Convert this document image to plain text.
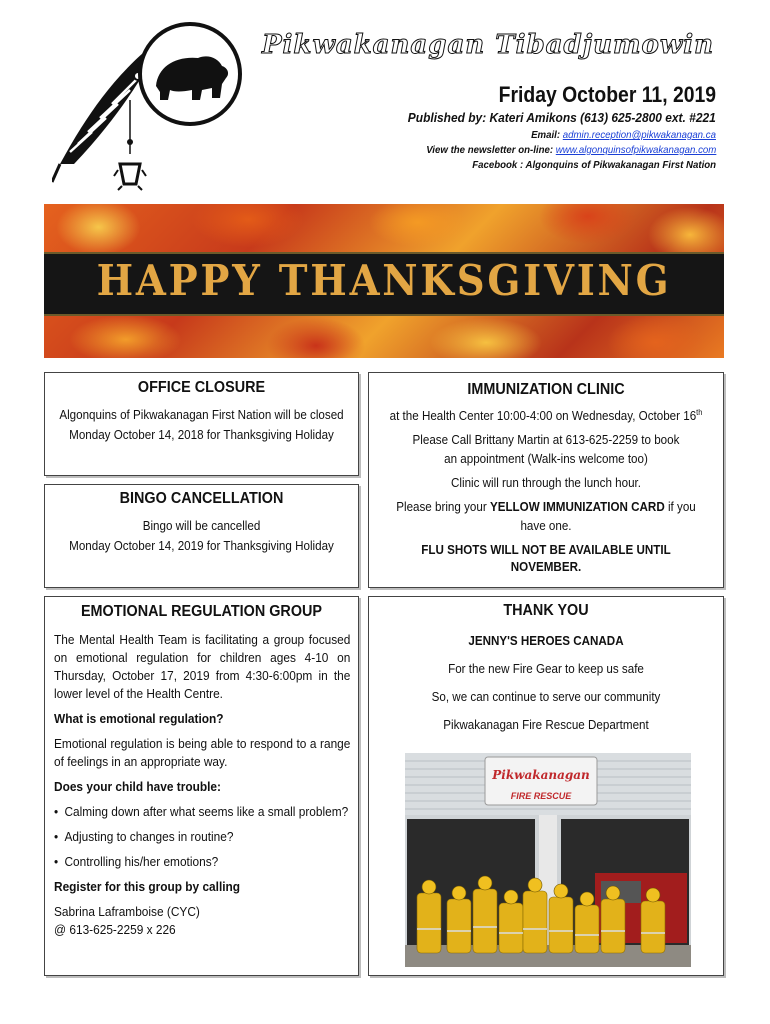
Pikwakanagan Tibadjumowin
Friday October 11, 2019
Published by: Kateri Amikons (613) 625-2800 ext. #221
Email: admin.reception@pikwakanagan.ca
View the newsletter on-line: www.algonquinsofpikwakanagan.com
Facebook : Algonquins of Pikwakanagan First Nation
HAPPY THANKSGIVING
OFFICE CLOSURE
Algonquins of Pikwakanagan First Nation will be closed
Monday October 14, 2018 for Thanksgiving Holiday
BINGO CANCELLATION
Bingo will be cancelled
Monday October 14, 2019 for Thanksgiving Holiday
IMMUNIZATION CLINIC
at the Health Center 10:00-4:00 on Wednesday, October 16th
Please Call Brittany Martin at 613-625-2259 to book an appointment (Walk-ins welcome too)
Clinic will run through the lunch hour.
Please bring your YELLOW IMMUNIZATION CARD if you have one.
FLU SHOTS WILL NOT BE AVAILABLE UNTIL NOVEMBER.
EMOTIONAL REGULATION GROUP
The Mental Health Team is facilitating a group focused on emotional regulation for children ages 4-10 on Thursday, October 17, 2019 from 4:30-6:00pm in the lower level of the Health Centre.
What is emotional regulation?
Emotional regulation is being able to respond to a range of feelings in an appropriate way.
Does your child have trouble:
• Calming down after what seems like a small problem?
• Adjusting to changes in routine?
• Controlling his/her emotions?
Register for this group by calling
Sabrina Laframboise (CYC)
@ 613-625-2259 x 226
THANK YOU
JENNY'S HEROES CANADA
For the new Fire Gear to keep us safe
So, we can continue to serve our community
Pikwakanagan Fire Rescue Department
Pikwakanagan
FIRE RESCUE
